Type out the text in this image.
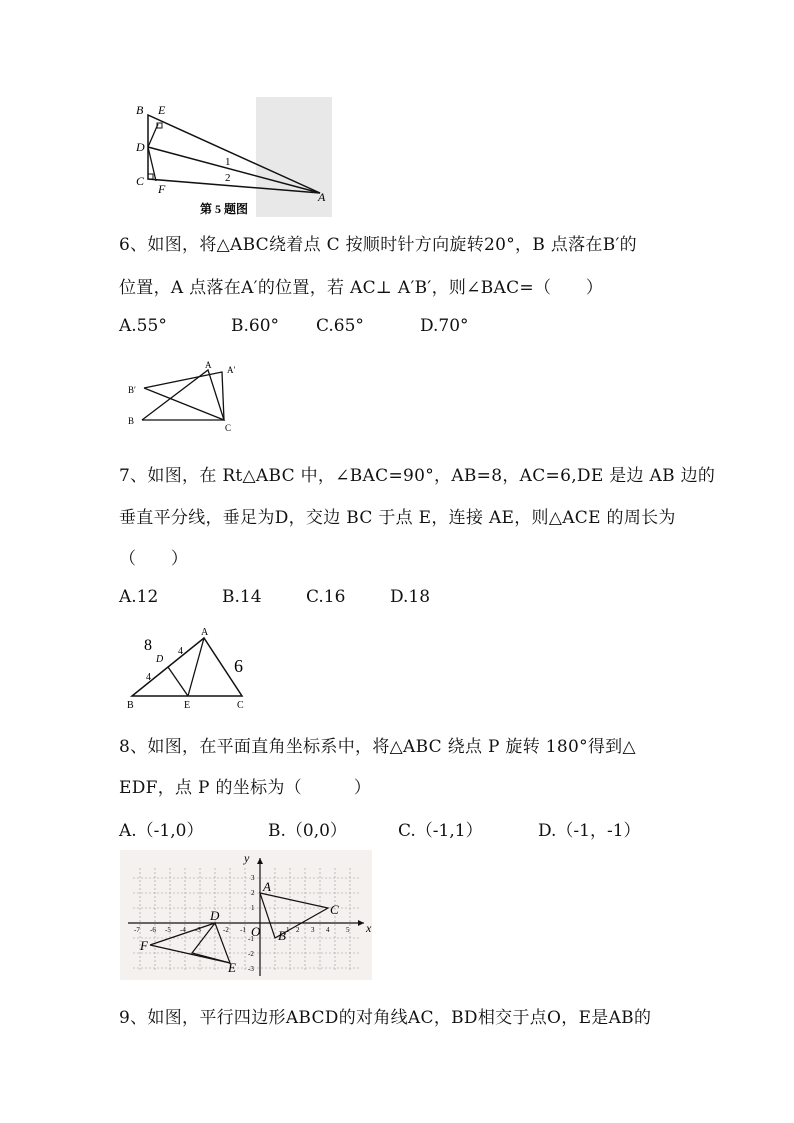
B E
D
C
F
A
1
2
第 5 题图
6、如图，将△ABC绕着点 C 按顺时针方向旋转20°，B 点落在B′的
位置，A 点落在A′的位置，若 AC⊥ A′B′，则∠BAC=（　　）
A.55°	B.60° C.65°	D.70°
A A′
B′
B
C
7、如图，在 Rt△ABC 中，∠BAC=90°，AB=8，AC=6,DE 是边 AB 边的
垂直平分线，垂足为D，交边 BC 于点 E，连接 AE，则△ACE 的周长为
（　　）
A.12	B.14	C.16	D.18
A
B	C
D
E
8
6
4
4
8、如图，在平面直角坐标系中，将△ABC 绕点 P 旋转 180°得到△
EDF，点 P 的坐标为（　　　）
A.（-1,0）	B.（0,0）	C.（-1,1）	D.（-1，-1）
x
y
O
A
B
C
D
E
F
-7 -6 -5 -4 -3	-2 -1	1 2 3 4 5
3
2
1
-1
-2
-3
9、如图，平行四边形ABCD的对角线AC，BD相交于点O，E是AB的
